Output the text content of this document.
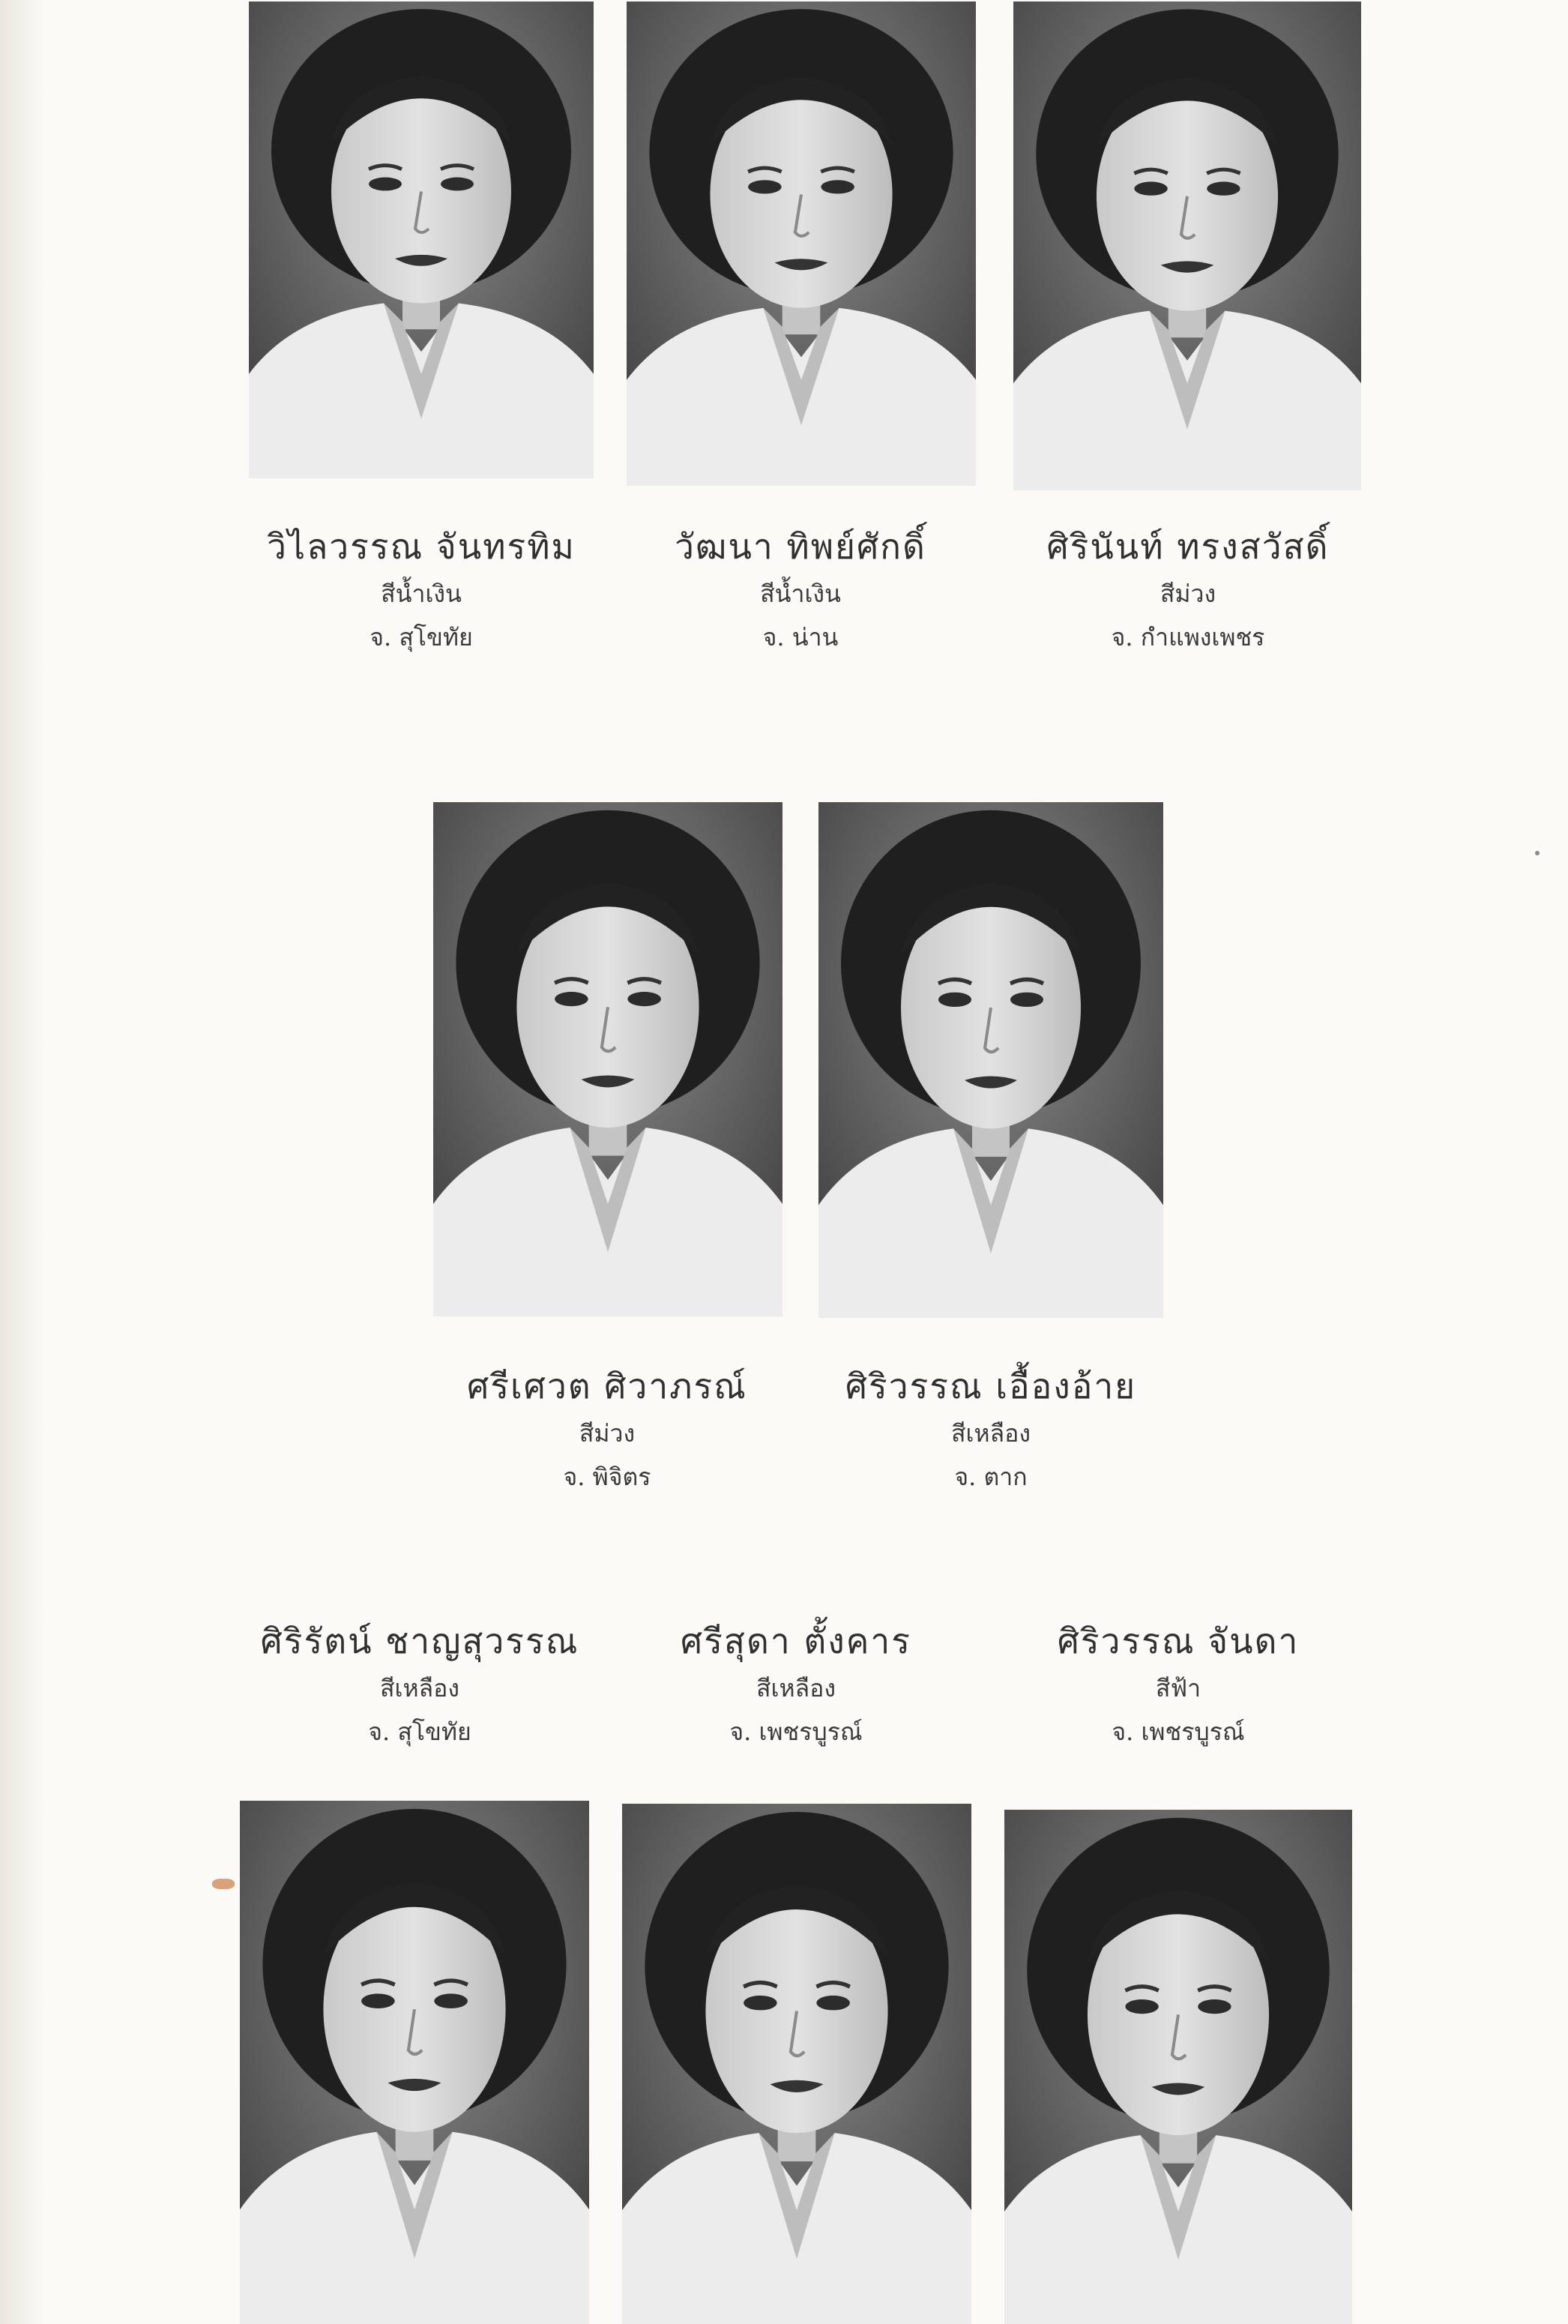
วิไลวรรณ จันทรทิม
สีน้ำเงิน
จ. สุโขทัย
วัฒนา ทิพย์ศักดิ์
สีน้ำเงิน
จ. น่าน
ศิรินันท์ ทรงสวัสดิ์
สีม่วง
จ. กำแพงเพชร
ศรีเศวต ศิวาภรณ์
สีม่วง
จ. พิจิตร
ศิริวรรณ เอื้องอ้าย
สีเหลือง
จ. ตาก
ศิริรัตน์ ชาญสุวรรณ
สีเหลือง
จ. สุโขทัย
ศรีสุดา ตั้งคาร
สีเหลือง
จ. เพชรบูรณ์
ศิริวรรณ จันดา
สีฟ้า
จ. เพชรบูรณ์
